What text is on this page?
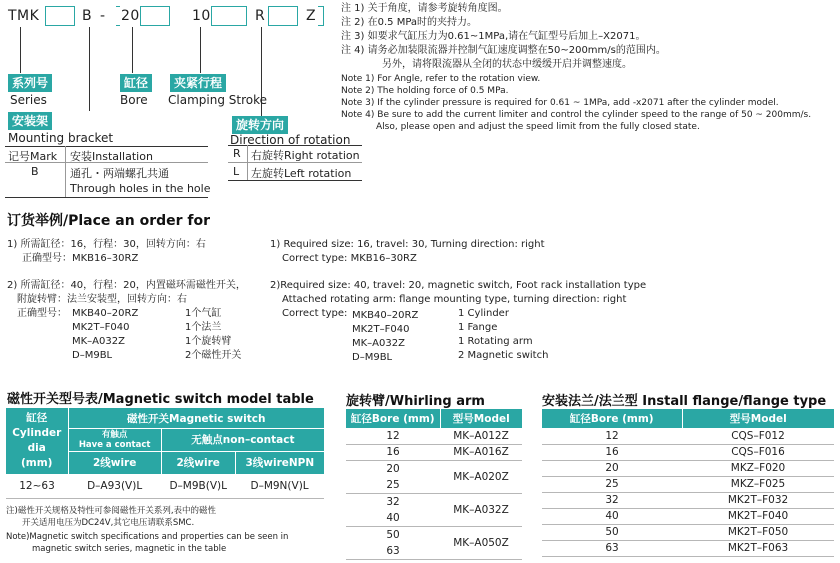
TMK	B - 20	10	R	Z
系列号
Series
缸径
Bore
夹紧行程
Clamping Stroke
安装架
Mounting bracket
旋转方向
Direction of rotation
记号Mark 安装Installation
B	通孔・两端螺孔共通
Through holes in the hole
R 右旋转Right rotation
L 左旋转Left rotation
注 1) 关于角度，请参考旋转角度图。
注 2) 在0.5 MPa时的夹持力。
注 3) 如要求气缸压力为0.61~1MPa,请在气缸型号后加上–X2071。
注 4) 请务必加装限流器并控制气缸速度调整在50~200mm/s的范围内。
另外，请将限流器从全闭的状态中缓缓开启并调整速度。
Note 1) For Angle, refer to the rotation view.
Note 2) The holding force of 0.5 MPa.
Note 3) If the cylinder pressure is required for 0.61 ~ 1MPa, add -x2071 after the cylinder model.
Note 4) Be sure to add the current limiter and control the cylinder speed to the range of 50 ~ 200mm/s.
Also, please open and adjust the speed limit from the fully closed state.
订货举例/Place an order for
1) 所需缸径：16，行程：30，回转方向：右
正确型号：MKB16–30RZ
1) Required size: 16, travel: 30, Turning direction: right
Correct type: MKB16–30RZ
2) 所需缸径：40，行程：20，内置磁环需磁性开关，
附旋转臂：法兰安装型，回转方向：右
正确型号： MKB40–20RZ	1个气缸
MK2T–F040	1个法兰
MK–A032Z	1个旋转臂
D–M9BL	2个磁性开关
2)Required size: 40, travel: 20, magnetic switch, Foot rack installation type
Attached rotating arm: flange mounting type, turning direction: right
Correct type: MKB40–20RZ	1 Cylinder
MK2T–F040	1 Fange
MK–A032Z	1 Rotating arm
D–M9BL	2 Magnetic switch
磁性开关型号表/Magnetic switch model table
缸径
Cylinder dia
(mm)	磁性开关Magnetic switch		

	有触点
Have a contact	无触点non–contact	
	2线wire	2线wire	3线wireNPN
12~63	D–A93(V)L	D–M9B(V)L	D–M9N(V)L
注)磁性开关规格及特性可参阅磁性开关系列,表中的磁性
开关适用电压为DC24V,其它电压请联系SMC.
Note)Magnetic switch specifications and properties can be seen in
magnetic switch series, magnetic in the table
旋转臂/Whirling arm
缸径Bore (mm)	型号Model
12	MK–A012Z
16	MK–A016Z

20
25	MK–A020Z

32
40	MK–A032Z

50
63	MK–A050Z
安装法兰/法兰型 Install flange/flange type
缸径Bore (mm)	型号Model
12	CQS–F012
16	CQS–F016
20	MKZ–F020
25	MKZ–F025
32	MK2T–F032
40	MK2T–F040
50	MK2T–F050
63	MK2T–F063
